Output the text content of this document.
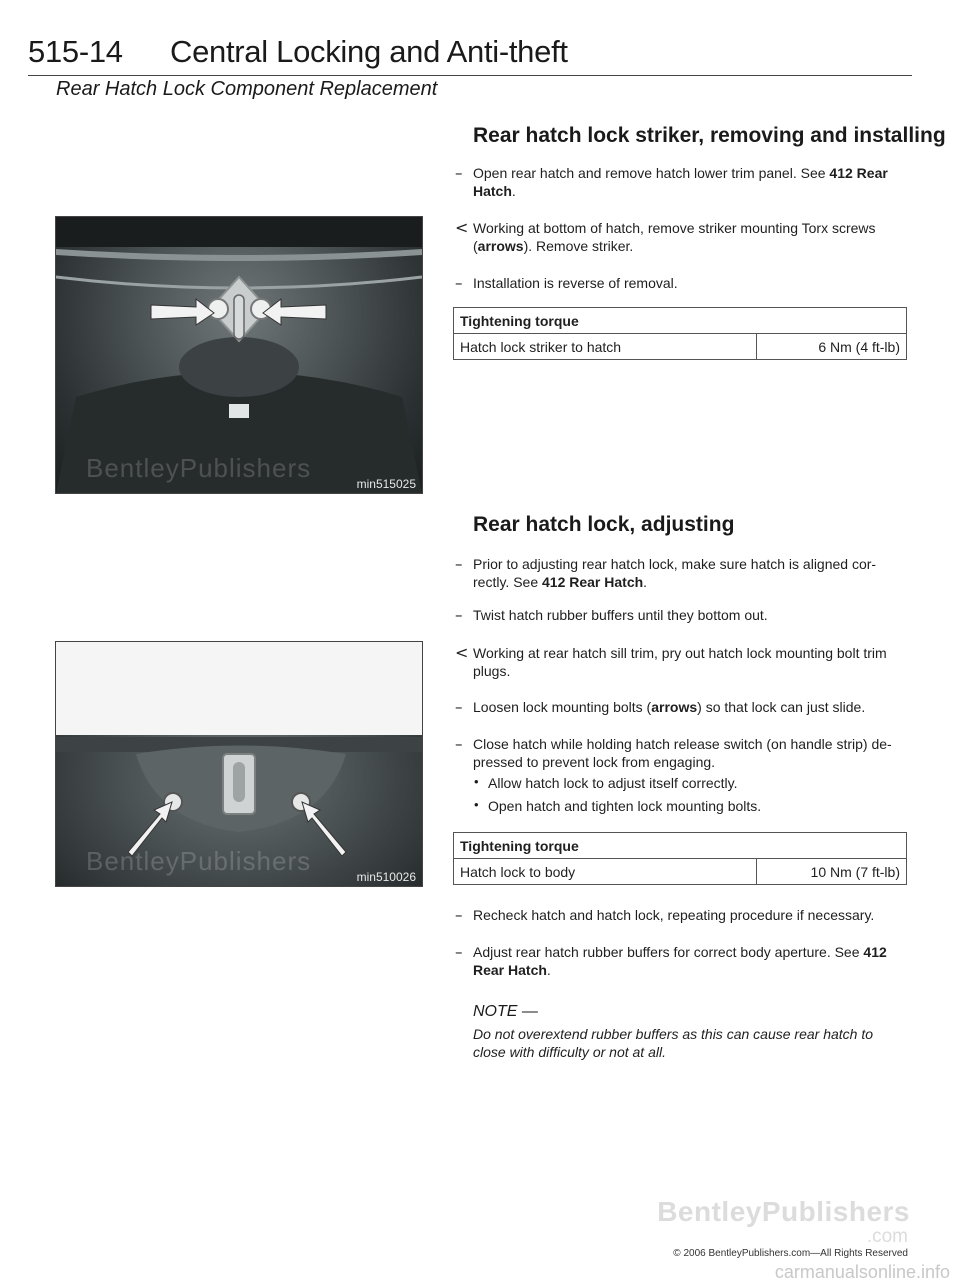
515-14 Central Locking and Anti-theft
Rear Hatch Lock Component Replacement
BentleyPublishers
min515025
BentleyPublishers
min510026
Rear hatch lock striker, removing and installing
– Open rear hatch and remove hatch lower trim panel. See 412 Rear Hatch.
< Working at bottom of hatch, remove striker mounting Torx screws (arrows). Remove striker.
– Installation is reverse of removal.
Tightening torque
Hatch lock striker to hatch	6 Nm (4 ft-lb)
Rear hatch lock, adjusting
– Prior to adjusting rear hatch lock, make sure hatch is aligned cor-rectly. See 412 Rear Hatch.
– Twist hatch rubber buffers until they bottom out.
< Working at rear hatch sill trim, pry out hatch lock mounting bolt trim plugs.
– Loosen lock mounting bolts (arrows) so that lock can just slide.
– Close hatch while holding hatch release switch (on handle strip) de-pressed to prevent lock from engaging.
• Allow hatch lock to adjust itself correctly.
• Open hatch and tighten lock mounting bolts.
Tightening torque
Hatch lock to body	10 Nm (7 ft-lb)
– Recheck hatch and hatch lock, repeating procedure if necessary.
– Adjust rear hatch rubber buffers for correct body aperture. See 412 Rear Hatch.
NOTE —
Do not overextend rubber buffers as this can cause rear hatch to close with difficulty or not at all.
BentleyPublishers
.com
© 2006 BentleyPublishers.com—All Rights Reserved
carmanualsonline.info
